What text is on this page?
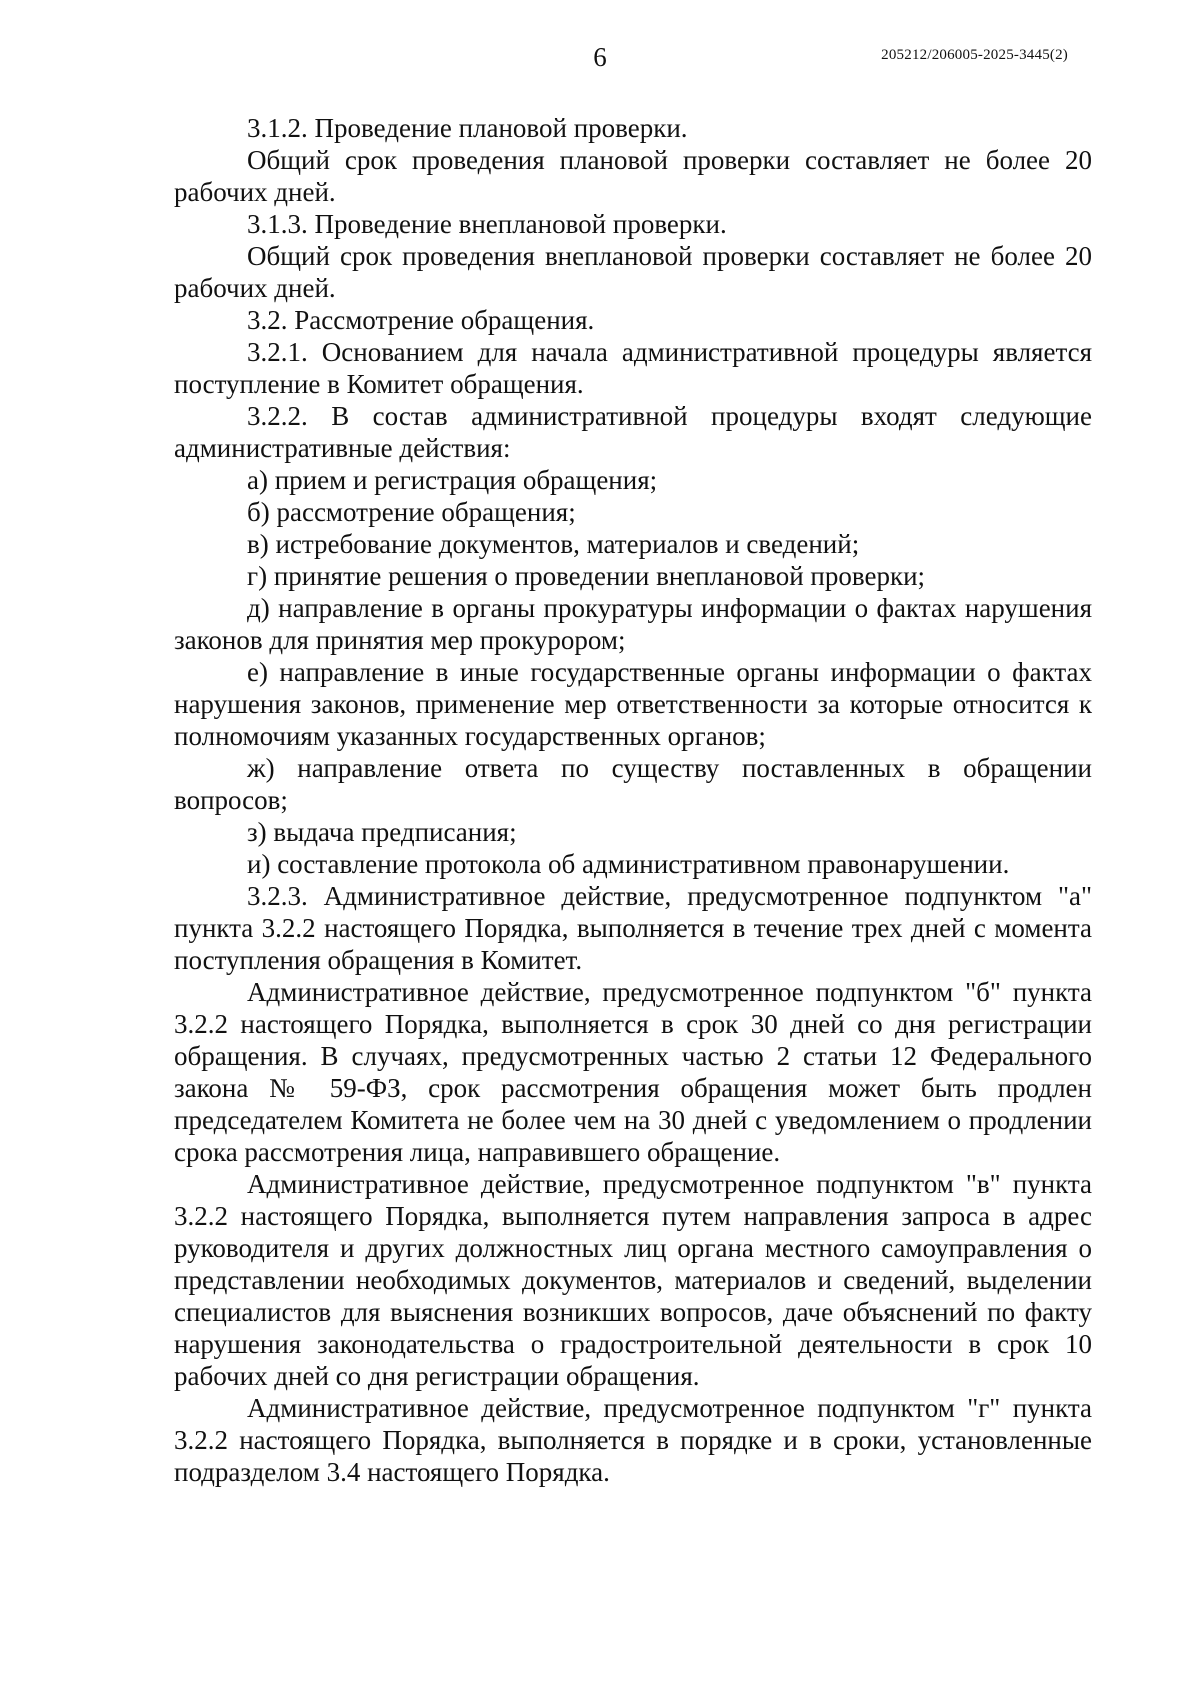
6	205212/206005-2025-3445(2)

3.1.2. Проведение плановой проверки.

Общий срок проведения плановой проверки составляет не более 20 рабочих дней.

3.1.3. Проведение внеплановой проверки.

Общий срок проведения внеплановой проверки составляет не более 20 рабочих дней.

3.2. Рассмотрение обращения.

3.2.1. Основанием для начала административной процедуры является поступление в Комитет обращения.

3.2.2. В состав административной процедуры входят следующие административные действия:

а) прием и регистрация обращения;

б) рассмотрение обращения;

в) истребование документов, материалов и сведений;

г) принятие решения о проведении внеплановой проверки;

д) направление в органы прокуратуры информации о фактах нарушения законов для принятия мер прокурором;

е) направление в иные государственные органы информации о фактах нарушения законов, применение мер ответственности за которые относится к полномочиям указанных государственных органов;

ж) направление ответа по существу поставленных в обращении вопросов;

з) выдача предписания;

и) составление протокола об административном правонарушении.

3.2.3. Административное действие, предусмотренное подпунктом "а" пункта 3.2.2 настоящего Порядка, выполняется в течение трех дней с момента поступления обращения в Комитет.

Административное действие, предусмотренное подпунктом "б" пункта 3.2.2 настоящего Порядка, выполняется в срок 30 дней со дня регистрации обращения. В случаях, предусмотренных частью 2 статьи 12 Федерального закона № 59-ФЗ, срок рассмотрения обращения может быть продлен председателем Комитета не более чем на 30 дней с уведомлением о продлении срока рассмотрения лица, направившего обращение.

Административное действие, предусмотренное подпунктом "в" пункта 3.2.2 настоящего Порядка, выполняется путем направления запроса в адрес руководителя и других должностных лиц органа местного самоуправления о представлении необходимых документов, материалов и сведений, выделении специалистов для выяснения возникших вопросов, даче объяснений по факту нарушения законодательства о градостроительной деятельности в срок 10 рабочих дней со дня регистрации обращения.

Административное действие, предусмотренное подпунктом "г" пункта 3.2.2 настоящего Порядка, выполняется в порядке и в сроки, установленные подразделом 3.4 настоящего Порядка.
